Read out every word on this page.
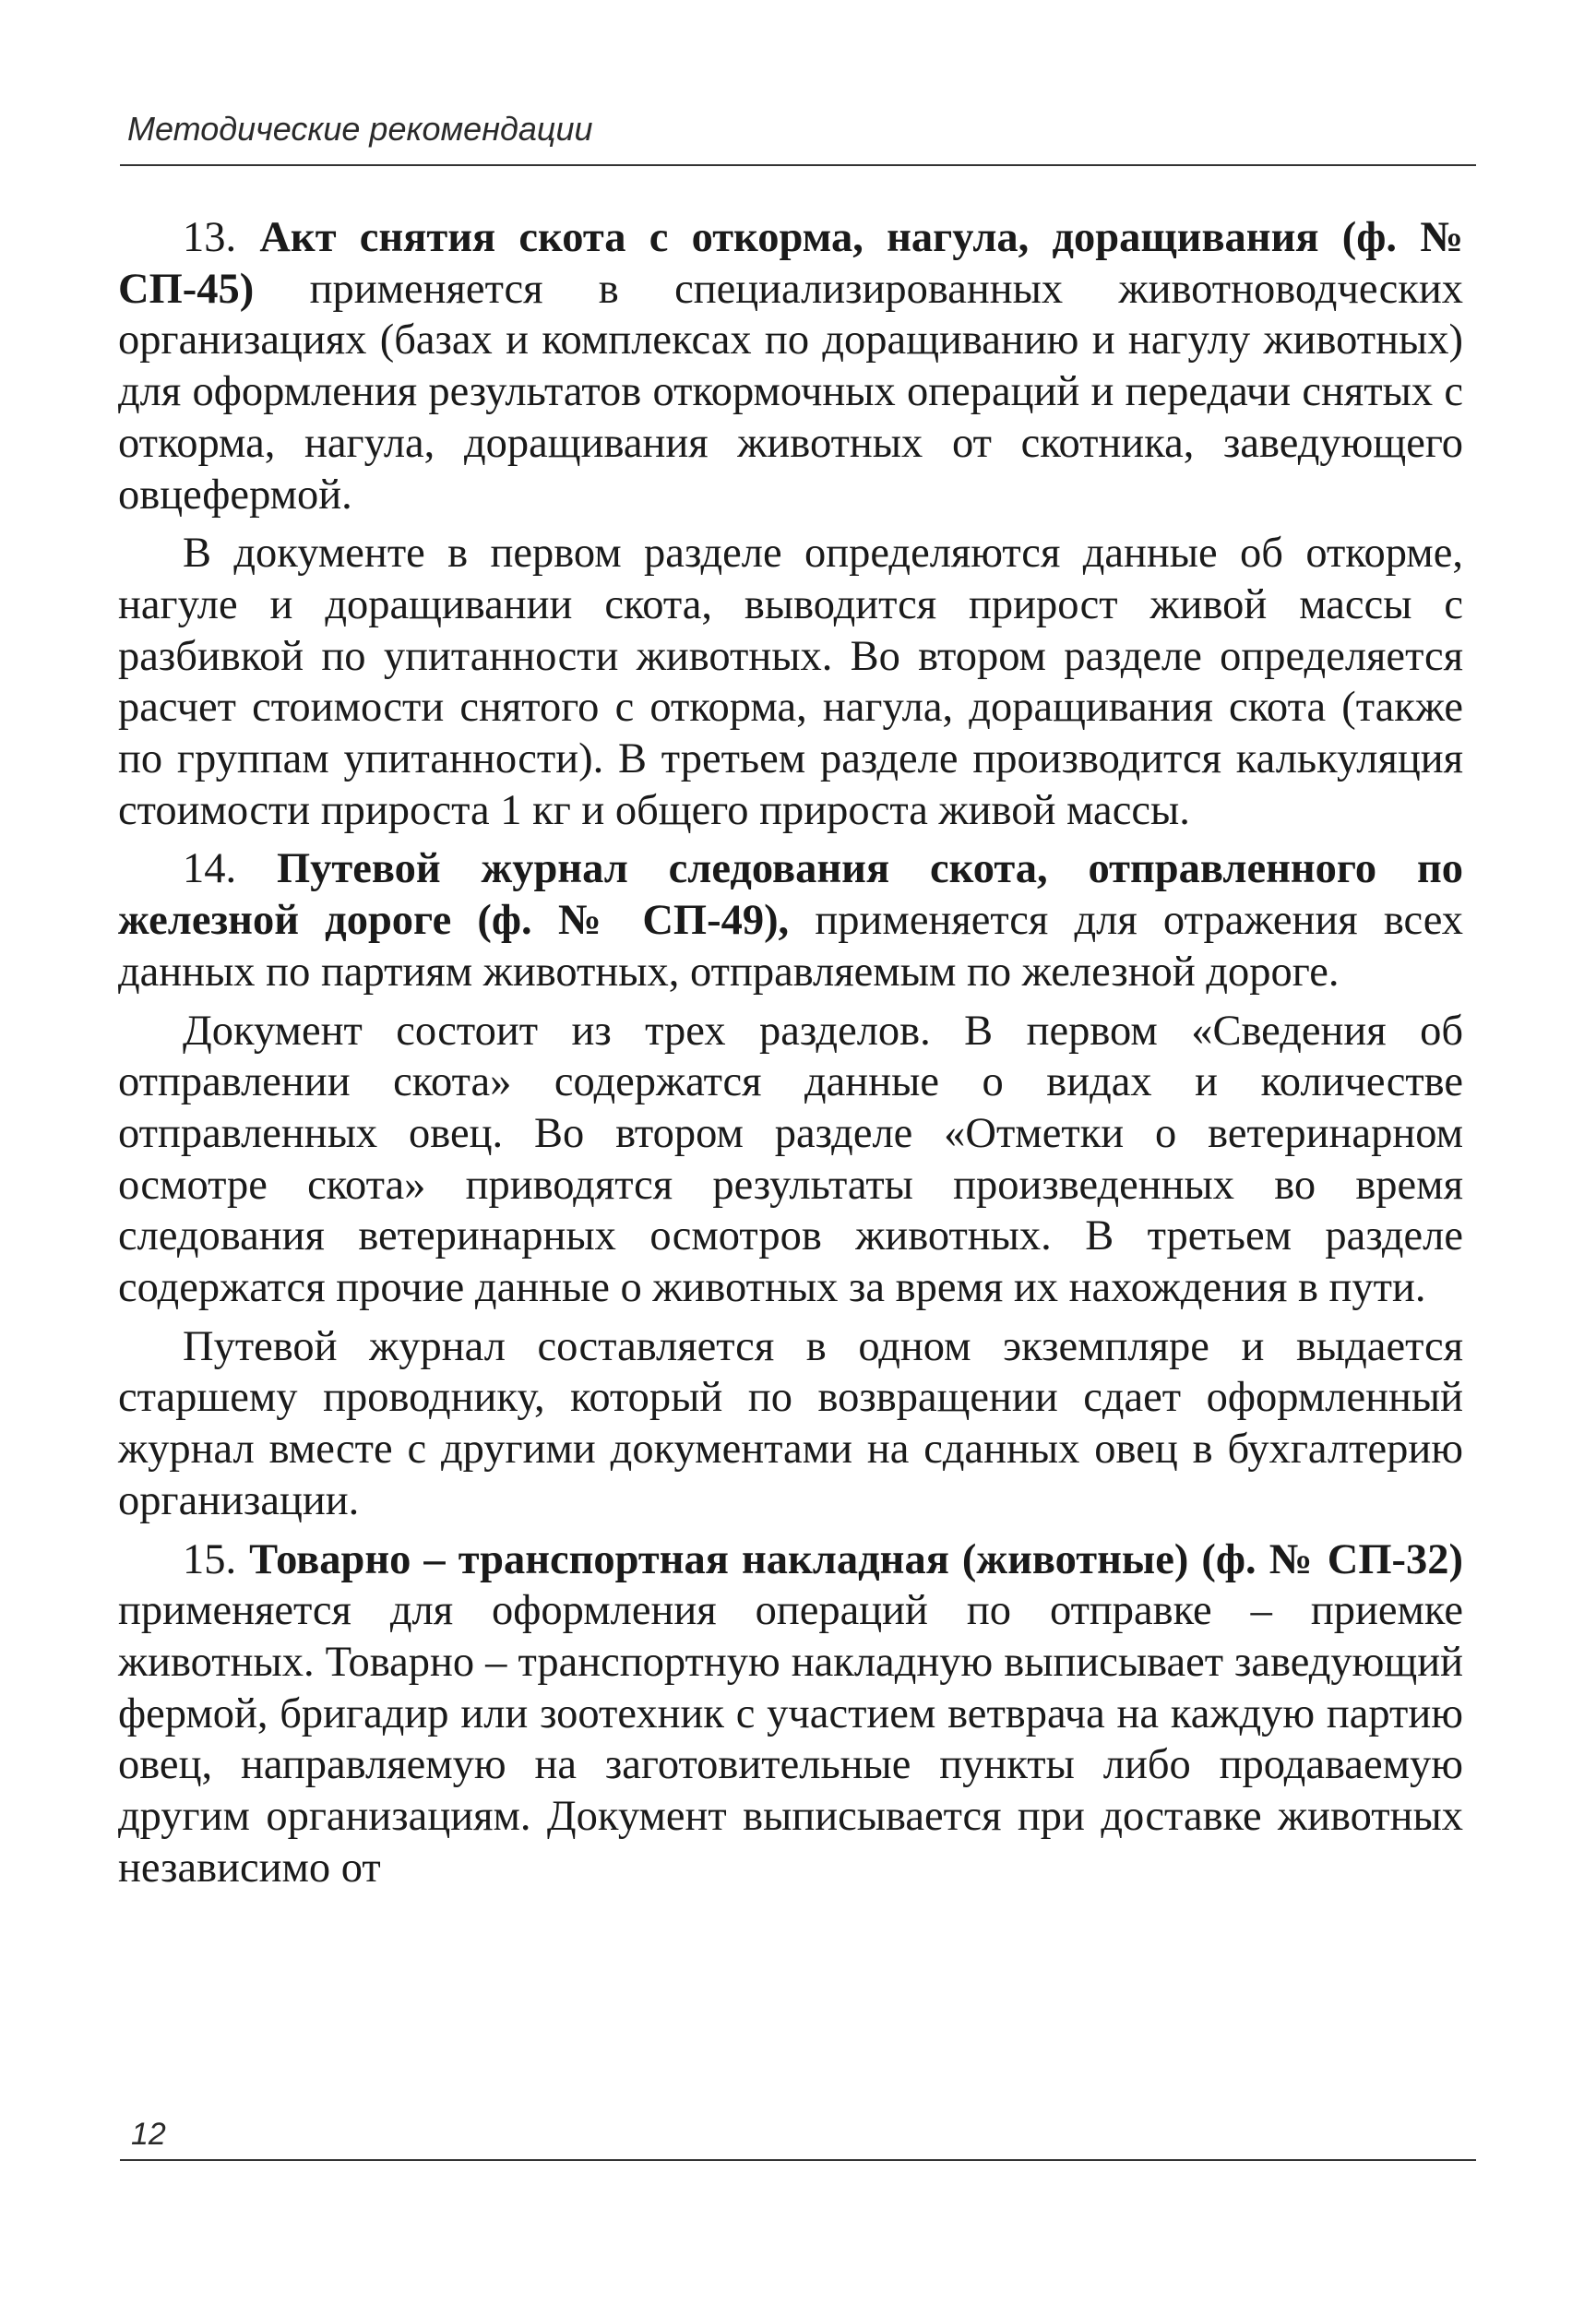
Методические рекомендации

13. Акт снятия скота с откорма, нагула, доращивания (ф. № СП-45) применяется в специализированных животноводческих организациях (базах и комплексах по доращиванию и нагулу животных) для оформления результатов откормочных операций и передачи снятых с откорма, нагула, доращивания животных от скотника, заведующего овцефермой.

В документе в первом разделе определяются данные об откорме, нагуле и доращивании скота, выводится прирост живой массы с разбивкой по упитанности животных. Во втором разделе определяется расчет стоимости снятого с откорма, нагула, доращивания скота (также по группам упитанности). В третьем разделе производится калькуляция стоимости прироста 1 кг и общего прироста живой массы.

14. Путевой журнал следования скота, отправленного по железной дороге (ф. № СП-49), применяется для отражения всех данных по партиям животных, отправляемым по железной дороге.

Документ состоит из трех разделов. В первом «Сведения об отправлении скота» содержатся данные о видах и количестве отправленных овец. Во втором разделе «Отметки о ветеринарном осмотре скота» приводятся результаты произведенных во время следования ветеринарных осмотров животных. В третьем разделе содержатся прочие данные о животных за время их нахождения в пути.

Путевой журнал составляется в одном экземпляре и выдается старшему проводнику, который по возвращении сдает оформленный журнал вместе с другими документами на сданных овец в бухгалтерию организации.

15. Товарно – транспортная накладная (животные) (ф. № СП-32) применяется для оформления операций по отправке – приемке животных. Товарно – транспортную накладную выписывает заведующий фермой, бригадир или зоотехник с участием ветврача на каждую партию овец, направляемую на заготовительные пункты либо продаваемую другим организациям. Документ выписывается при доставке животных независимо от

12
